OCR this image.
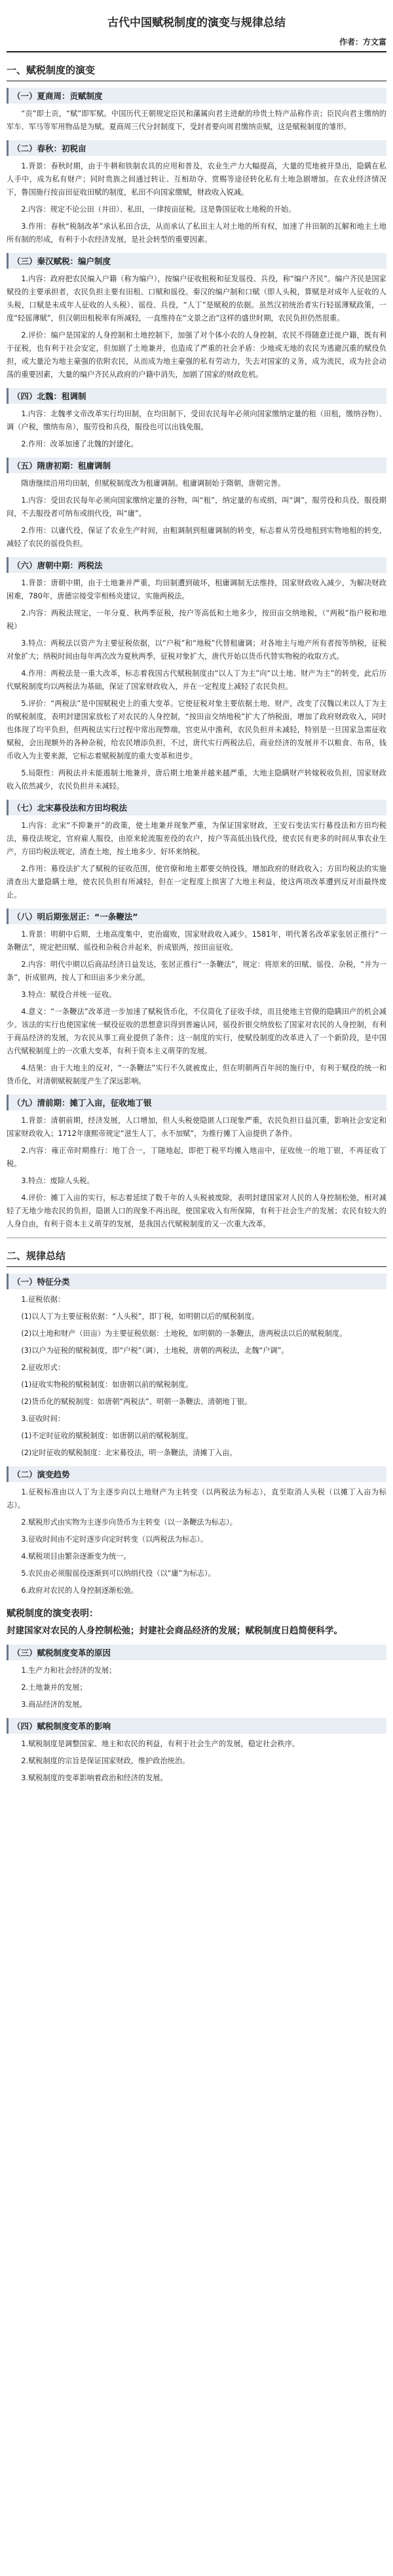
古代中国赋税制度的演变与规律总结
作者：方文富
一、赋税制度的演变
（一）夏商周：贡赋制度

“贡”即土贡，“赋”即军赋。中国历代王朝规定臣民和藩属向君主进献的珍贵土特产品称作贡；臣民向君主缴纳的军车、军马等军用物品是为赋。夏商周三代分封制度下，受封者要向周君缴纳贡赋，这是赋税制度的雏形。

（二）春秋：初税亩

1.背景：春秋时期，由于牛耕和铁制农具的应用和普及，农业生产力大幅提高，大量的荒地被开垦出，隐瞒在私人手中，成为私有财产；同时贵族之间通过转让、互相劫夺、赏赐等途径转化私有土地急剧增加。在农业经济情况下，鲁国施行按亩田征收田赋的制度，私田不向国家缴赋，财政收入锐减。

2.内容：规定不论公田（井田）、私田，一律按亩征税。这是鲁国征收土地税的开始。

3.作用：春秋“税制改革”承认私田合法，从而承认了私田主人对土地的所有权，加速了井田制的瓦解和地主土地所有制的形成，有利于小农经济发展，是社会转型的重要因素。

（三）秦汉赋税：编户制度

1.内容：政府把农民编入户籍（称为编户），按编户征收租税和征发徭役、兵役，称“编户齐民”。编户齐民是国家赋役的主要承担者，农民负担主要有田租、口赋和徭役。秦汉的编户制和口赋（即人头税，算赋是对成年人征收的人头税，口赋是未成年人征收的人头税）、徭役、兵役，“人丁”是赋税的依据。虽然汉初统治者实行轻徭薄赋政策，一度“轻徭薄赋”，但汉朝田租税率有所减轻，一直维持在“文景之治”这样的盛世时期，农民负担仍然很重。

2.评价：编户是国家的人身控制和土地控制下，加强了对个体小农的人身控制，农民不得随意迁徙户籍，既有利于征税，也有利于社会安定，但加剧了土地兼并，也造成了严重的社会矛盾：少地或无地的农民为逃避沉重的赋役负担，或大量沦为地主豪强的依附农民，从而成为地主豪强的私有劳动力，失去对国家的义务，成为流民，成为社会动荡的重要因素，大量的编户齐民从政府的户籍中消失，加剧了国家的财政危机。

（四）北魏：租调制

1.内容：北魏孝文帝改革实行均田制，在均田制下，受田农民每年必须向国家缴纳定量的租（田租，缴纳谷物）、调（户税，缴纳布帛），服劳役和兵役，服役也可以出钱免服。

2.作用：改革加速了北魏的封建化。

（五）隋唐初期：租庸调制

隋唐继续沿用均田制，但赋税制度改为租庸调制。租庸调制始于隋朝，唐朝完善。

1.内容：受田农民每年必须向国家缴纳定量的谷物，叫“租”，纳定量的布或绢，叫“调”，服劳役和兵役，服役期间，不去服役者可纳布或绢代役，叫“庸”。

2.作用：以庸代役，保证了农业生产时间，由粗调制到租庸调制的转变，标志着从劳役地租到实物地租的转变，减轻了农民的徭役负担。

（六）唐朝中期：两税法

1.背景：唐朝中期，由于土地兼并严重，均田制遭到破坏，租庸调制无法维持，国家财政收入减少，为解决财政困难，780年，唐德宗接受宰相杨炎建议，实施两税法。

2.内容：两税法规定，一年分夏、秋两季征税，按户等高低和土地多少，按田亩交纳地税，（“两税”指户税和地税）

3.特点：两税法以资产为主要征税依据，以“户税”和“地税”代替租庸调；对各地主与地产所有者按等纳税，征税对象扩大；纳税时间由每年两次改为夏秋两季，征税对象扩大，唐代开始以货币代替实物税的收取方式。

4.作用：两税法是一重大改革，标志着我国古代赋税制度由“以人丁为主”向“以土地、财产为主”的转变，此后历代赋税制度均以两税法为基础，保证了国家财政收入，并在一定程度上减轻了农民负担。

5.评价：“两税法”是中国赋税史上的重大变革。它使征税对象主要依据土地、财产，改变了汉魏以来以人丁为主的赋税制度，表明封建国家放松了对农民的人身控制，“按田亩交纳地税”扩大了纳税面，增加了政府财政收入，同时也体现了均平负担，但两税法实行过程中常出现弊端，官吏从中渔利，农民负担并未减轻，特别是一旦国家急需征收赋税，会出现额外的各种杂税，给农民增添负担，不过，唐代实行两税法后，商业经济的发展并不以粮食、布帛，钱币收入为主要来源，它标志着赋税制度的重大变革和进步。

5.局限性：两税法并未能遏制土地兼并，唐后期土地兼并越来越严重，大地主隐瞒财产转嫁税收负担，国家财政收入依然减少，农民负担并未减轻。

（七）北宋募役法和方田均税法

1.内容：北宋“不抑兼并”的政策，使土地兼并现象严重，为保证国家财政，王安石变法实行募役法和方田均税法，募役法规定，官府雇人服役，由原来轮流服差役的农户，按户等高低出钱代役，使农民有更多的时间从事农业生产，方田均税法规定，清查土地，按土地多少、好坏来纳税。

2.作用：募役法扩大了赋税的征收范围，使官僚和地主都要交纳役钱，增加政府的财政收入；方田均税法的实施清查出大量隐瞒土地，使农民负担有所减轻，但在一定程度上损害了大地主利益，使这两项改革遭到反对而最终废止。

（八）明后期张居正：“一条鞭法”

1.背景：明朝中后期，土地高度集中，吏治腐败，国家财政收入减少。1581年，明代著名改革家张居正推行“一条鞭法”，规定把田赋、徭役和杂税合并起来，折成银两，按田亩征收。

2.内容：明代中期以后商品经济日益发达，张居正推行“一条鞭法”，规定：将原来的田赋、徭役、杂税，“并为一条”，折成银两，按人丁和田亩多少来分派。

3.特点：赋役合并统一征收。

4.意义：“一条鞭法”改革进一步加速了赋税货币化，不仅简化了征收手续，而且使地主官僚的隐瞒田产的机会减少。该法的实行也使国家统一赋役征收的思想意识得到普遍认同，徭役折银交纳放松了国家对农民的人身控制，有利于商品经济的发展，为农民从事工商业提供了条件；这一制度的实行，使赋役制度的改革进入了一个新阶段，是中国古代赋税制度上的一次重大变革，有利于资本主义萌芽的发展。

4.结果：由于大地主的反对，“一条鞭法”实行不久就被废止，但在明朝两百年间的施行中，有利于赋役的统一和货币化，对清朝赋税制度产生了深远影响。

（九）清前期：摊丁入亩，征收地丁银

1.背景：清朝前期，经济发展，人口增加，但人头税使隐匿人口现象严重，农民负担日益沉重，影响社会安定和国家财政收入；1712年康熙帝规定“滋生人丁，永不加赋”，为推行摊丁入亩提供了条件。

2.内容：雍正帝时期推行：地丁合一，丁随地起，即把丁税平均摊入地亩中，征收统一的地丁银，不再征收丁税。

3.特点：废除人头税。

4.评价：摊丁入亩的实行，标志着延续了数千年的人头税被废除，表明封建国家对人民的人身控制松弛，相对减轻了无地少地农民的负担，隐匿人口的现象不再出现，使国家收入有所保障，有利于社会生产的发展；农民有较大的人身自由，有利于资本主义萌芽的发展，是我国古代赋税制度的又一次重大改革。

二、规律总结
（一）特征分类

1.征税依据：

(1)以人丁为主要征税依据：“人头税”，即丁税，如明朝以后的赋税制度。

(2)以土地和财产（田亩）为主要征税依据：土地税，如明朝的一条鞭法，唐两税法以后的赋税制度。

(3)以户为征税的赋税制度，即“户税”（调），土地税，唐朝的两税法，北魏“户调”。

2.征收形式：

(1)征收实物税的赋税制度：如唐朝以前的赋税制度。

(2)货币化的赋税制度：如唐朝“两税法”、明朝一条鞭法、清朝地丁银。

3.征收时间：

(1)不定时征收的赋税制度：如唐朝以前的赋税制度。

(2)定时征收的赋税制度：北宋募役法，明一条鞭法，清摊丁入亩。

（二）演变趋势

1.征税标准由以人丁为主逐步向以土地财产为主转变（以两税法为标志），直至取消人头税（以摊丁入亩为标志）。

2.赋税形式由实物为主逐步向货币为主转变（以一条鞭法为标志）。

3.征收时间由不定时逐步向定时转变（以两税法为标志）。

4.赋税项目由繁杂逐渐变为统一。

5.农民由必须服徭役逐渐到可以纳绢代役（以“庸”为标志）。

6.政府对农民的人身控制逐渐松弛。

赋税制度的演变表明：
封建国家对农民的人身控制松弛；封建社会商品经济的发展；赋税制度日趋简便科学。
（三）赋税制度变革的原因

1.生产力和社会经济的发展；

2.土地兼并的发展；

3.商品经济的发展。

（四）赋税制度变革的影响

1.赋税制度是调整国家、地主和农民的利益，有利于社会生产的发展，稳定社会秩序。

2.赋税制度的宗旨是保证国家财政，维护政治统治。

3.赋税制度的变革影响着政治和经济的发展。
